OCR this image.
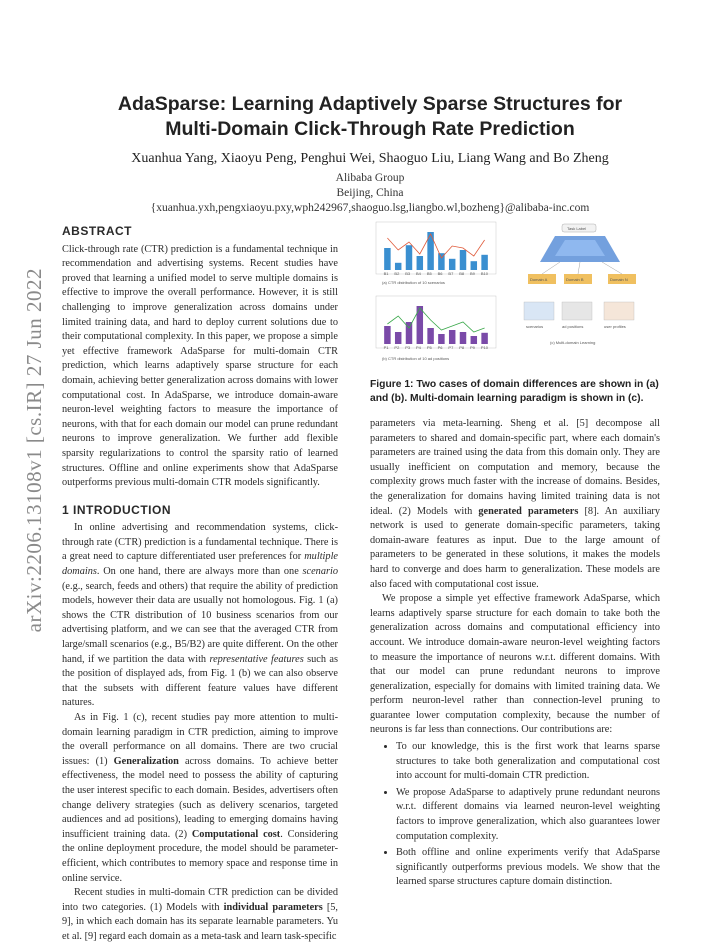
arXiv:2206.13108v1 [cs.IR] 27 Jun 2022
AdaSparse: Learning Adaptively Sparse Structures for
Multi-Domain Click-Through Rate Prediction
Xuanhua Yang, Xiaoyu Peng, Penghui Wei, Shaoguo Liu, Liang Wang and Bo Zheng
Alibaba Group
Beijing, China
{xuanhua.yxh,pengxiaoyu.pxy,wph242967,shaoguo.lsg,liangbo.wl,bozheng}@alibaba-inc.com
ABSTRACT

Click-through rate (CTR) prediction is a fundamental technique in recommendation and advertising systems. Recent studies have proved that learning a unified model to serve multiple domains is effective to improve the overall performance. However, it is still challenging to improve generalization across domains under limited training data, and hard to deploy current solutions due to their computational complexity. In this paper, we propose a simple yet effective framework AdaSparse for multi-domain CTR prediction, which learns adaptively sparse structure for each domain, achieving better generalization across domains with lower computational cost. In AdaSparse, we introduce domain-aware neuron-level weighting factors to measure the importance of neurons, with that for each domain our model can prune redundant neurons to improve generalization. We further add flexible sparsity regularizations to control the sparsity ratio of learned structures. Offline and online experiments show that AdaSparse outperforms previous multi-domain CTR models significantly.

1 INTRODUCTION

In online advertising and recommendation systems, click-through rate (CTR) prediction is a fundamental technique. There is a great need to capture differentiated user preferences for multiple domains. On one hand, there are always more than one scenario (e.g., search, feeds and others) that require the ability of prediction models, however their data are usually not homologous. Fig. 1 (a) shows the CTR distribution of 10 business scenarios from our advertising platform, and we can see that the averaged CTR from large/small scenarios (e.g., B5/B2) are quite different. On the other hand, if we partition the data with representative features such as the position of displayed ads, from Fig. 1 (b) we can also observe that the subsets with different feature values have different natures.

As in Fig. 1 (c), recent studies pay more attention to multi-domain learning paradigm in CTR prediction, aiming to improve the overall performance on all domains. There are two crucial issues: (1) Generalization across domains. To achieve better effectiveness, the model need to possess the ability of capturing the user interest specific to each domain. Besides, advertisers often change delivery strategies (such as delivery scenarios, targeted audiences and ad positions), leading to emerging domains having insufficient training data. (2) Computational cost. Considering the online deployment procedure, the model should be parameter-efficient, which contributes to memory space and response time in online service.

Recent studies in multi-domain CTR prediction can be divided into two categories. (1) Models with individual parameters [5, 9], in which each domain has its separate learnable parameters. Yu et al. [9] regard each domain as a meta-task and learn task-specific

B1 B2 B3 B4 B5 B6 B7 B8 B9 B10
(a) CTR distribution of 10 scenarios
P1 P2 P3 P4 P5 P6 P7 P8 P9 P10
(b) CTR distribution of 10 ad positions
Task Label
Domain A	Domain B	Domain N
scenarios	ad positions	user profiles
(c) Multi-domain Learning
Figure 1: Two cases of domain differences are shown in (a) and (b). Multi-domain learning paradigm is shown in (c).

parameters via meta-learning. Sheng et al. [5] decompose all parameters to shared and domain-specific part, where each domain's parameters are trained using the data from this domain only. They are usually inefficient on computation and memory, because the complexity grows much faster with the increase of domains. Besides, the generalization for domains having limited training data is not ideal. (2) Models with generated parameters [8]. An auxiliary network is used to generate domain-specific parameters, taking domain-aware features as input. Due to the large amount of parameters to be generated in these solutions, it makes the models hard to converge and does harm to generalization. These models are also faced with computational cost issue.

We propose a simple yet effective framework AdaSparse, which learns adaptively sparse structure for each domain to take both the generalization across domains and computational efficiency into account. We introduce domain-aware neuron-level weighting factors to measure the importance of neurons w.r.t. different domains. With that our model can prune redundant neurons to improve generalization, especially for domains with limited training data. We perform neuron-level rather than connection-level pruning to guarantee lower computation complexity, because the number of neurons is far less than connections. Our contributions are:

• To our knowledge, this is the first work that learns sparse structures to take both generalization and computational cost into account for multi-domain CTR prediction.
• We propose AdaSparse to adaptively prune redundant neurons w.r.t. different domains via learned neuron-level weighting factors to improve generalization, which also guarantees lower computation complexity.
• Both offline and online experiments verify that AdaSparse significantly outperforms previous models. We show that the learned sparse structures capture domain distinction.
